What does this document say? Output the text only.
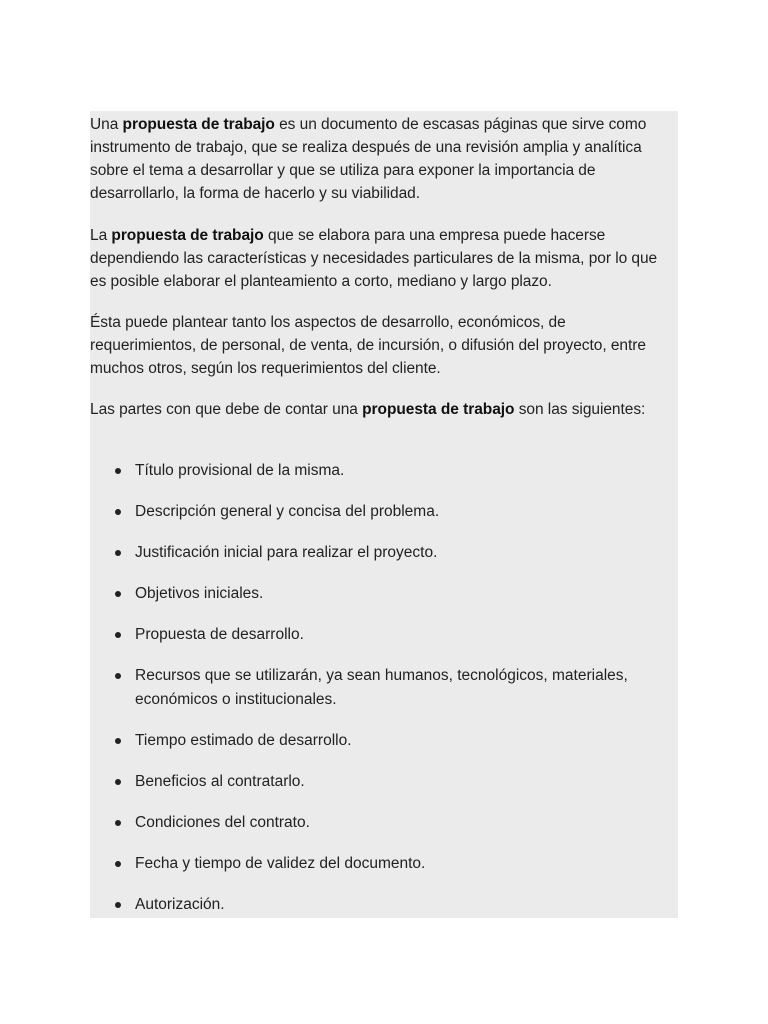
Una propuesta de trabajo es un documento de escasas páginas que sirve como instrumento de trabajo, que se realiza después de una revisión amplia y analítica sobre el tema a desarrollar y que se utiliza para exponer la importancia de desarrollarlo, la forma de hacerlo y su viabilidad.

La propuesta de trabajo que se elabora para una empresa puede hacerse dependiendo las características y necesidades particulares de la misma, por lo que es posible elaborar el planteamiento a corto, mediano y largo plazo.

Ésta puede plantear tanto los aspectos de desarrollo, económicos, de requerimientos, de personal, de venta, de incursión, o difusión del proyecto, entre muchos otros, según los requerimientos del cliente.

Las partes con que debe de contar una propuesta de trabajo son las siguientes:

Título provisional de la misma.
Descripción general y concisa del problema.
Justificación inicial para realizar el proyecto.
Objetivos iniciales.
Propuesta de desarrollo.
Recursos que se utilizarán, ya sean humanos, tecnológicos, materiales, económicos o institucionales.
Tiempo estimado de desarrollo.
Beneficios al contratarlo.
Condiciones del contrato.
Fecha y tiempo de validez del documento.
Autorización.
